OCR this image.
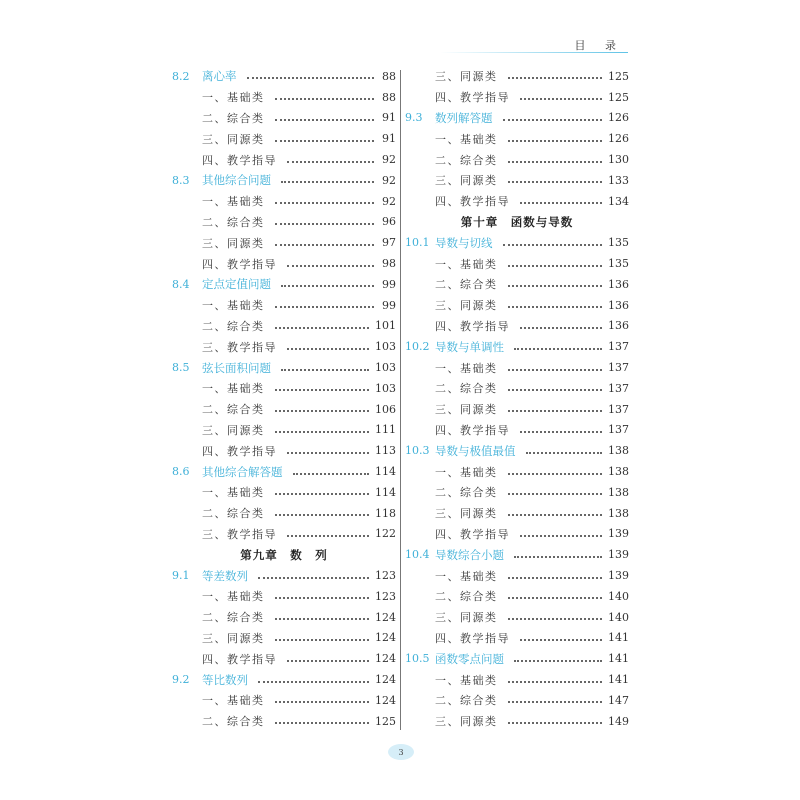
目 录
8.2	离心率	88
一、基础类	88
二、综合类	91
三、同源类	91
四、教学指导	92
8.3	其他综合问题	92
一、基础类	92
二、综合类	96
三、同源类	97
四、教学指导	98
8.4	定点定值问题	99
一、基础类	99
二、综合类	101
三、教学指导	103
8.5	弦长面积问题	103
一、基础类	103
二、综合类	106
三、同源类	111
四、教学指导	113
8.6	其他综合解答题	114
一、基础类	114
二、综合类	118
三、教学指导	122
第九章　数　列
9.1	等差数列	123
一、基础类	123
二、综合类	124
三、同源类	124
四、教学指导	124
9.2	等比数列	124
一、基础类	124
二、综合类	125
三、同源类	125
四、教学指导	125
9.3	数列解答题	126
一、基础类	126
二、综合类	130
三、同源类	133
四、教学指导	134
第十章　函数与导数
10.1 导数与切线	135
一、基础类	135
二、综合类	136
三、同源类	136
四、教学指导	136
10.2 导数与单调性	137
一、基础类	137
二、综合类	137
三、同源类	137
四、教学指导	137
10.3 导数与极值最值	138
一、基础类	138
二、综合类	138
三、同源类	138
四、教学指导	139
10.4 导数综合小题	139
一、基础类	139
二、综合类	140
三、同源类	140
四、教学指导	141
10.5 函数零点问题	141
一、基础类	141
二、综合类	147
三、同源类	149
3
